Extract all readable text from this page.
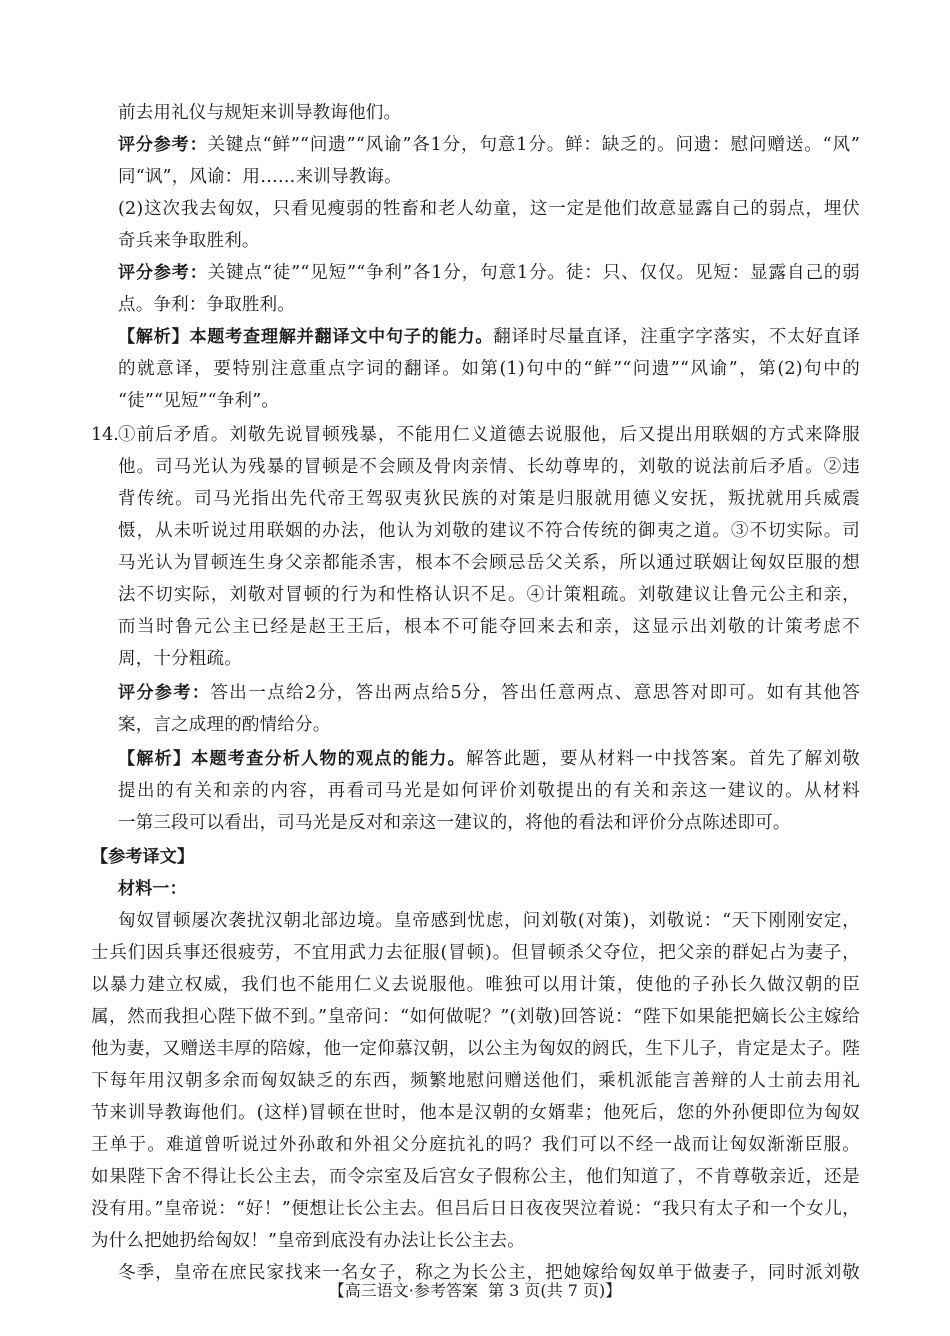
前去用礼仪与规矩来训导教诲他们。
评分参考：关键点“鲜”“问遗”“风谕”各1分，句意1分。鲜：缺乏的。问遗：慰问赠送。“风”
同“讽”，风谕：用……来训导教诲。
(2)这次我去匈奴，只看见瘦弱的牲畜和老人幼童，这一定是他们故意显露自己的弱点，埋伏
奇兵来争取胜利。
评分参考：关键点“徒”“见短”“争利”各1分，句意1分。徒：只、仅仅。见短：显露自己的弱
点。争利：争取胜利。
【解析】本题考查理解并翻译文中句子的能力。翻译时尽量直译，注重字字落实，不太好直译
的就意译，要特别注意重点字词的翻译。如第(1)句中的“鲜”“问遗”“风谕”，第(2)句中的
“徒”“见短”“争利”。
14. ①前后矛盾。刘敬先说冒顿残暴，不能用仁义道德去说服他，后又提出用联姻的方式来降服
他。司马光认为残暴的冒顿是不会顾及骨肉亲情、长幼尊卑的，刘敬的说法前后矛盾。②违
背传统。司马光指出先代帝王驾驭夷狄民族的对策是归服就用德义安抚，叛扰就用兵威震
慑，从未听说过用联姻的办法，他认为刘敬的建议不符合传统的御夷之道。③不切实际。司
马光认为冒顿连生身父亲都能杀害，根本不会顾忌岳父关系，所以通过联姻让匈奴臣服的想
法不切实际，刘敬对冒顿的行为和性格认识不足。④计策粗疏。刘敬建议让鲁元公主和亲，
而当时鲁元公主已经是赵王王后，根本不可能夺回来去和亲，这显示出刘敬的计策考虑不
周，十分粗疏。
评分参考：答出一点给2分，答出两点给5分，答出任意两点、意思答对即可。如有其他答
案，言之成理的酌情给分。
【解析】本题考查分析人物的观点的能力。解答此题，要从材料一中找答案。首先了解刘敬
提出的有关和亲的内容，再看司马光是如何评价刘敬提出的有关和亲这一建议的。从材料
一第三段可以看出，司马光是反对和亲这一建议的，将他的看法和评价分点陈述即可。
【参考译文】
材料一：
匈奴冒顿屡次袭扰汉朝北部边境。皇帝感到忧虑，问刘敬(对策)，刘敬说：“天下刚刚安定，
士兵们因兵事还很疲劳，不宜用武力去征服(冒顿)。但冒顿杀父夺位，把父亲的群妃占为妻子，
以暴力建立权威，我们也不能用仁义去说服他。唯独可以用计策，使他的子孙长久做汉朝的臣
属，然而我担心陛下做不到。”皇帝问：“如何做呢？”(刘敬)回答说：“陛下如果能把嫡长公主嫁给
他为妻，又赠送丰厚的陪嫁，他一定仰慕汉朝，以公主为匈奴的阏氏，生下儿子，肯定是太子。陛
下每年用汉朝多余而匈奴缺乏的东西，频繁地慰问赠送他们，乘机派能言善辩的人士前去用礼
节来训导教诲他们。(这样)冒顿在世时，他本是汉朝的女婿辈；他死后，您的外孙便即位为匈奴
王单于。难道曾听说过外孙敢和外祖父分庭抗礼的吗？我们可以不经一战而让匈奴渐渐臣服。
如果陛下舍不得让长公主去，而令宗室及后宫女子假称公主，他们知道了，不肯尊敬亲近，还是
没有用。”皇帝说：“好！”便想让长公主去。但吕后日日夜夜哭泣着说：“我只有太子和一个女儿，
为什么把她扔给匈奴！”皇帝到底没有办法让长公主去。
冬季，皇帝在庶民家找来一名女子，称之为长公主，把她嫁给匈奴单于做妻子，同时派刘敬
【高三语文·参考答案 第 3 页(共 7 页)】
